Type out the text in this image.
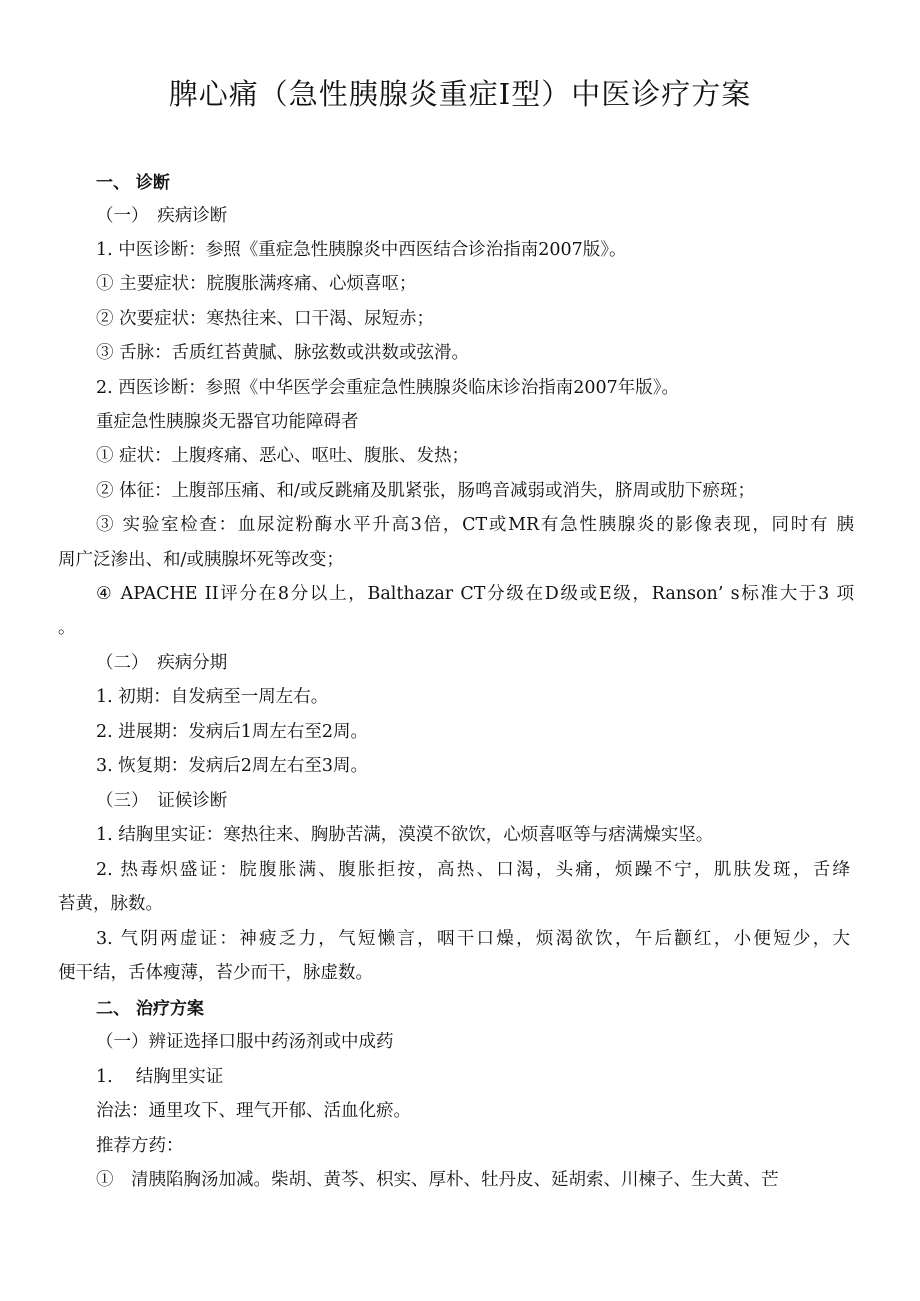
脾心痛（急性胰腺炎重症I型）中医诊疗方案

一、 诊断

（一）　疾病诊断

1. 中医诊断：参照《重症急性胰腺炎中西医结合诊治指南2007版》。

① 主要症状：脘腹胀满疼痛、心烦喜呕；

② 次要症状：寒热往来、口干渴、尿短赤；

③ 舌脉：舌质红苔黄腻、脉弦数或洪数或弦滑。

2. 西医诊断：参照《中华医学会重症急性胰腺炎临床诊治指南2007年版》。

重症急性胰腺炎无器官功能障碍者

① 症状：上腹疼痛、恶心、呕吐、腹胀、发热；

② 体征：上腹部压痛、和/或反跳痛及肌紧张，肠鸣音减弱或消失，脐周或肋下瘀斑；

③ 实验室检查：血尿淀粉酶水平升高3倍，CT或MR有急性胰腺炎的影像表现，同时有 胰

周广泛渗出、和/或胰腺坏死等改变；

④ APACHE II评分在8分以上，Balthazar CT分级在D级或E级，Ranson’ s标准大于3 项

。

（二）　疾病分期

1. 初期：自发病至一周左右。

2. 进展期：发病后1周左右至2周。

3. 恢复期：发病后2周左右至3周。

（三）　证候诊断

1. 结胸里实证：寒热往来、胸胁苦满，漠漠不欲饮，心烦喜呕等与痞满燥实坚。

2. 热毒炽盛证：脘腹胀满、腹胀拒按，高热、口渴，头痛，烦躁不宁，肌肤发斑，舌绛

苔黄，脉数。

3. 气阴两虚证：神疲乏力，气短懒言，咽干口燥，烦渴欲饮，午后颧红，小便短少，大

便干结，舌体瘦薄，苔少而干，脉虚数。

二、 治疗方案

（一）辨证选择口服中药汤剂或中成药

1.　 结胸里实证

治法：通里攻下、理气开郁、活血化瘀。

推荐方药：

①　清胰陷胸汤加减。柴胡、黄芩、枳实、厚朴、牡丹皮、延胡索、川楝子、生大黄、芒
